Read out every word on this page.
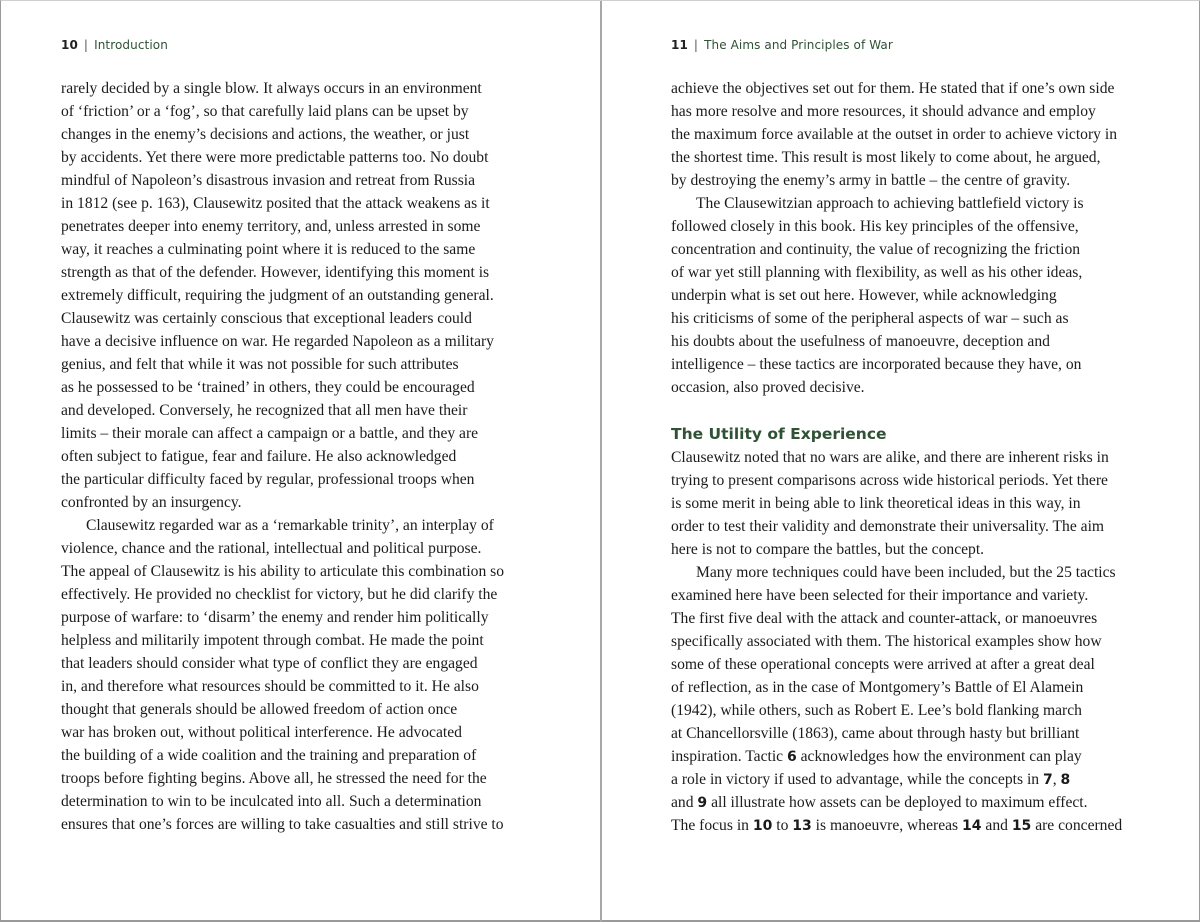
10 | Introduction
rarely decided by a single blow. It always occurs in an environment
of ‘friction’ or a ‘fog’, so that carefully laid plans can be upset by
changes in the enemy’s decisions and actions, the weather, or just
by accidents. Yet there were more predictable patterns too. No doubt
mindful of Napoleon’s disastrous invasion and retreat from Russia
in 1812 (see p. 163), Clausewitz posited that the attack weakens as it
penetrates deeper into enemy territory, and, unless arrested in some
way, it reaches a culminating point where it is reduced to the same
strength as that of the defender. However, identifying this moment is
extremely difficult, requiring the judgment of an outstanding general.
Clausewitz was certainly conscious that exceptional leaders could
have a decisive influence on war. He regarded Napoleon as a military
genius, and felt that while it was not possible for such attributes
as he possessed to be ‘trained’ in others, they could be encouraged
and developed. Conversely, he recognized that all men have their
limits – their morale can affect a campaign or a battle, and they are
often subject to fatigue, fear and failure. He also acknowledged
the particular difficulty faced by regular, professional troops when
confronted by an insurgency.
Clausewitz regarded war as a ‘remarkable trinity’, an interplay of
violence, chance and the rational, intellectual and political purpose.
The appeal of Clausewitz is his ability to articulate this combination so
effectively. He provided no checklist for victory, but he did clarify the
purpose of warfare: to ‘disarm’ the enemy and render him politically
helpless and militarily impotent through combat. He made the point
that leaders should consider what type of conflict they are engaged
in, and therefore what resources should be committed to it. He also
thought that generals should be allowed freedom of action once
war has broken out, without political interference. He advocated
the building of a wide coalition and the training and preparation of
troops before fighting begins. Above all, he stressed the need for the
determination to win to be inculcated into all. Such a determination
ensures that one’s forces are willing to take casualties and still strive to
11 | The Aims and Principles of War
achieve the objectives set out for them. He stated that if one’s own side
has more resolve and more resources, it should advance and employ
the maximum force available at the outset in order to achieve victory in
the shortest time. This result is most likely to come about, he argued,
by destroying the enemy’s army in battle – the centre of gravity.
The Clausewitzian approach to achieving battlefield victory is
followed closely in this book. His key principles of the offensive,
concentration and continuity, the value of recognizing the friction
of war yet still planning with flexibility, as well as his other ideas,
underpin what is set out here. However, while acknowledging
his criticisms of some of the peripheral aspects of war – such as
his doubts about the usefulness of manoeuvre, deception and
intelligence – these tactics are incorporated because they have, on
occasion, also proved decisive.
The Utility of Experience
Clausewitz noted that no wars are alike, and there are inherent risks in
trying to present comparisons across wide historical periods. Yet there
is some merit in being able to link theoretical ideas in this way, in
order to test their validity and demonstrate their universality. The aim
here is not to compare the battles, but the concept.
Many more techniques could have been included, but the 25 tactics
examined here have been selected for their importance and variety.
The first five deal with the attack and counter-attack, or manoeuvres
specifically associated with them. The historical examples show how
some of these operational concepts were arrived at after a great deal
of reflection, as in the case of Montgomery’s Battle of El Alamein
(1942), while others, such as Robert E. Lee’s bold flanking march
at Chancellorsville (1863), came about through hasty but brilliant
inspiration. Tactic 6 acknowledges how the environment can play
a role in victory if used to advantage, while the concepts in 7, 8
and 9 all illustrate how assets can be deployed to maximum effect.
The focus in 10 to 13 is manoeuvre, whereas 14 and 15 are concerned
